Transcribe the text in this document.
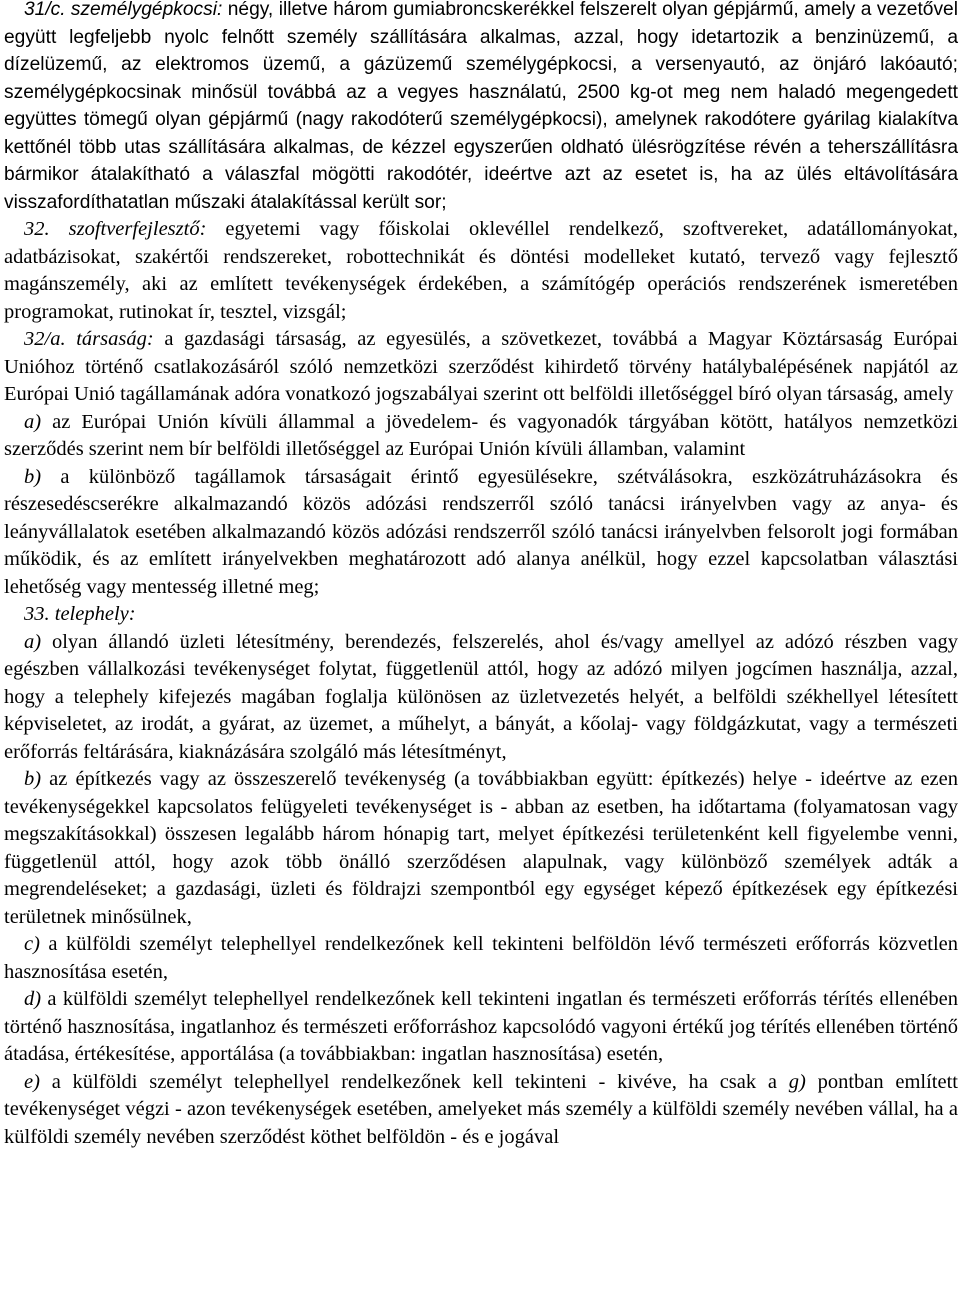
31/c. személygépkocsi: négy, illetve három gumiabroncskerékkel felszerelt olyan gépjármű, amely a vezetővel együtt legfeljebb nyolc felnőtt személy szállítására alkalmas, azzal, hogy idetartozik a benzinüzemű, a dízelüzemű, az elektromos üzemű, a gázüzemű személygépkocsi, a versenyautó, az önjáró lakóautó; személygépkocsinak minősül továbbá az a vegyes használatú, 2500 kg-ot meg nem haladó megengedett együttes tömegű olyan gépjármű (nagy rakodóterű személygépkocsi), amelynek rakodótere gyárilag kialakítva kettőnél több utas szállítására alkalmas, de kézzel egyszerűen oldható ülésrögzítése révén a teherszállításra bármikor átalakítható a válaszfal mögötti rakodótér, ideértve azt az esetet is, ha az ülés eltávolítására visszafordíthatatlan műszaki átalakítással került sor;

32. szoftverfejlesztő: egyetemi vagy főiskolai oklevéllel rendelkező, szoftvereket, adatállományokat, adatbázisokat, szakértői rendszereket, robottechnikát és döntési modelleket kutató, tervező vagy fejlesztő magánszemély, aki az említett tevékenységek érdekében, a számítógép operációs rendszerének ismeretében programokat, rutinokat ír, tesztel, vizsgál;

32/a. társaság: a gazdasági társaság, az egyesülés, a szövetkezet, továbbá a Magyar Köztársaság Európai Unióhoz történő csatlakozásáról szóló nemzetközi szerződést kihirdető törvény hatálybalépésének napjától az Európai Unió tagállamának adóra vonatkozó jogszabályai szerint ott belföldi illetőséggel bíró olyan társaság, amely

a) az Európai Unión kívüli állammal a jövedelem- és vagyonadók tárgyában kötött, hatályos nemzetközi szerződés szerint nem bír belföldi illetőséggel az Európai Unión kívüli államban, valamint

b) a különböző tagállamok társaságait érintő egyesülésekre, szétválásokra, eszközátruházásokra és részesedéscserékre alkalmazandó közös adózási rendszerről szóló tanácsi irányelvben vagy az anya- és leányvállalatok esetében alkalmazandó közös adózási rendszerről szóló tanácsi irányelvben felsorolt jogi formában működik, és az említett irányelvekben meghatározott adó alanya anélkül, hogy ezzel kapcsolatban választási lehetőség vagy mentesség illetné meg;

33. telephely:

a) olyan állandó üzleti létesítmény, berendezés, felszerelés, ahol és/vagy amellyel az adózó részben vagy egészben vállalkozási tevékenységet folytat, függetlenül attól, hogy az adózó milyen jogcímen használja, azzal, hogy a telephely kifejezés magában foglalja különösen az üzletvezetés helyét, a belföldi székhellyel létesített képviseletet, az irodát, a gyárat, az üzemet, a műhelyt, a bányát, a kőolaj- vagy földgázkutat, vagy a természeti erőforrás feltárására, kiaknázására szolgáló más létesítményt,

b) az építkezés vagy az összeszerelő tevékenység (a továbbiakban együtt: építkezés) helye - ideértve az ezen tevékenységekkel kapcsolatos felügyeleti tevékenységet is - abban az esetben, ha időtartama (folyamatosan vagy megszakításokkal) összesen legalább három hónapig tart, melyet építkezési területenként kell figyelembe venni, függetlenül attól, hogy azok több önálló szerződésen alapulnak, vagy különböző személyek adták a megrendeléseket; a gazdasági, üzleti és földrajzi szempontból egy egységet képező építkezések egy építkezési területnek minősülnek,

c) a külföldi személyt telephellyel rendelkezőnek kell tekinteni belföldön lévő természeti erőforrás közvetlen hasznosítása esetén,

d) a külföldi személyt telephellyel rendelkezőnek kell tekinteni ingatlan és természeti erőforrás térítés ellenében történő hasznosítása, ingatlanhoz és természeti erőforráshoz kapcsolódó vagyoni értékű jog térítés ellenében történő átadása, értékesítése, apportálása (a továbbiakban: ingatlan hasznosítása) esetén,

e) a külföldi személyt telephellyel rendelkezőnek kell tekinteni - kivéve, ha csak a g) pontban említett tevékenységet végzi - azon tevékenységek esetében, amelyeket más személy a külföldi személy nevében vállal, ha a külföldi személy nevében szerződést köthet belföldön - és e jogával
